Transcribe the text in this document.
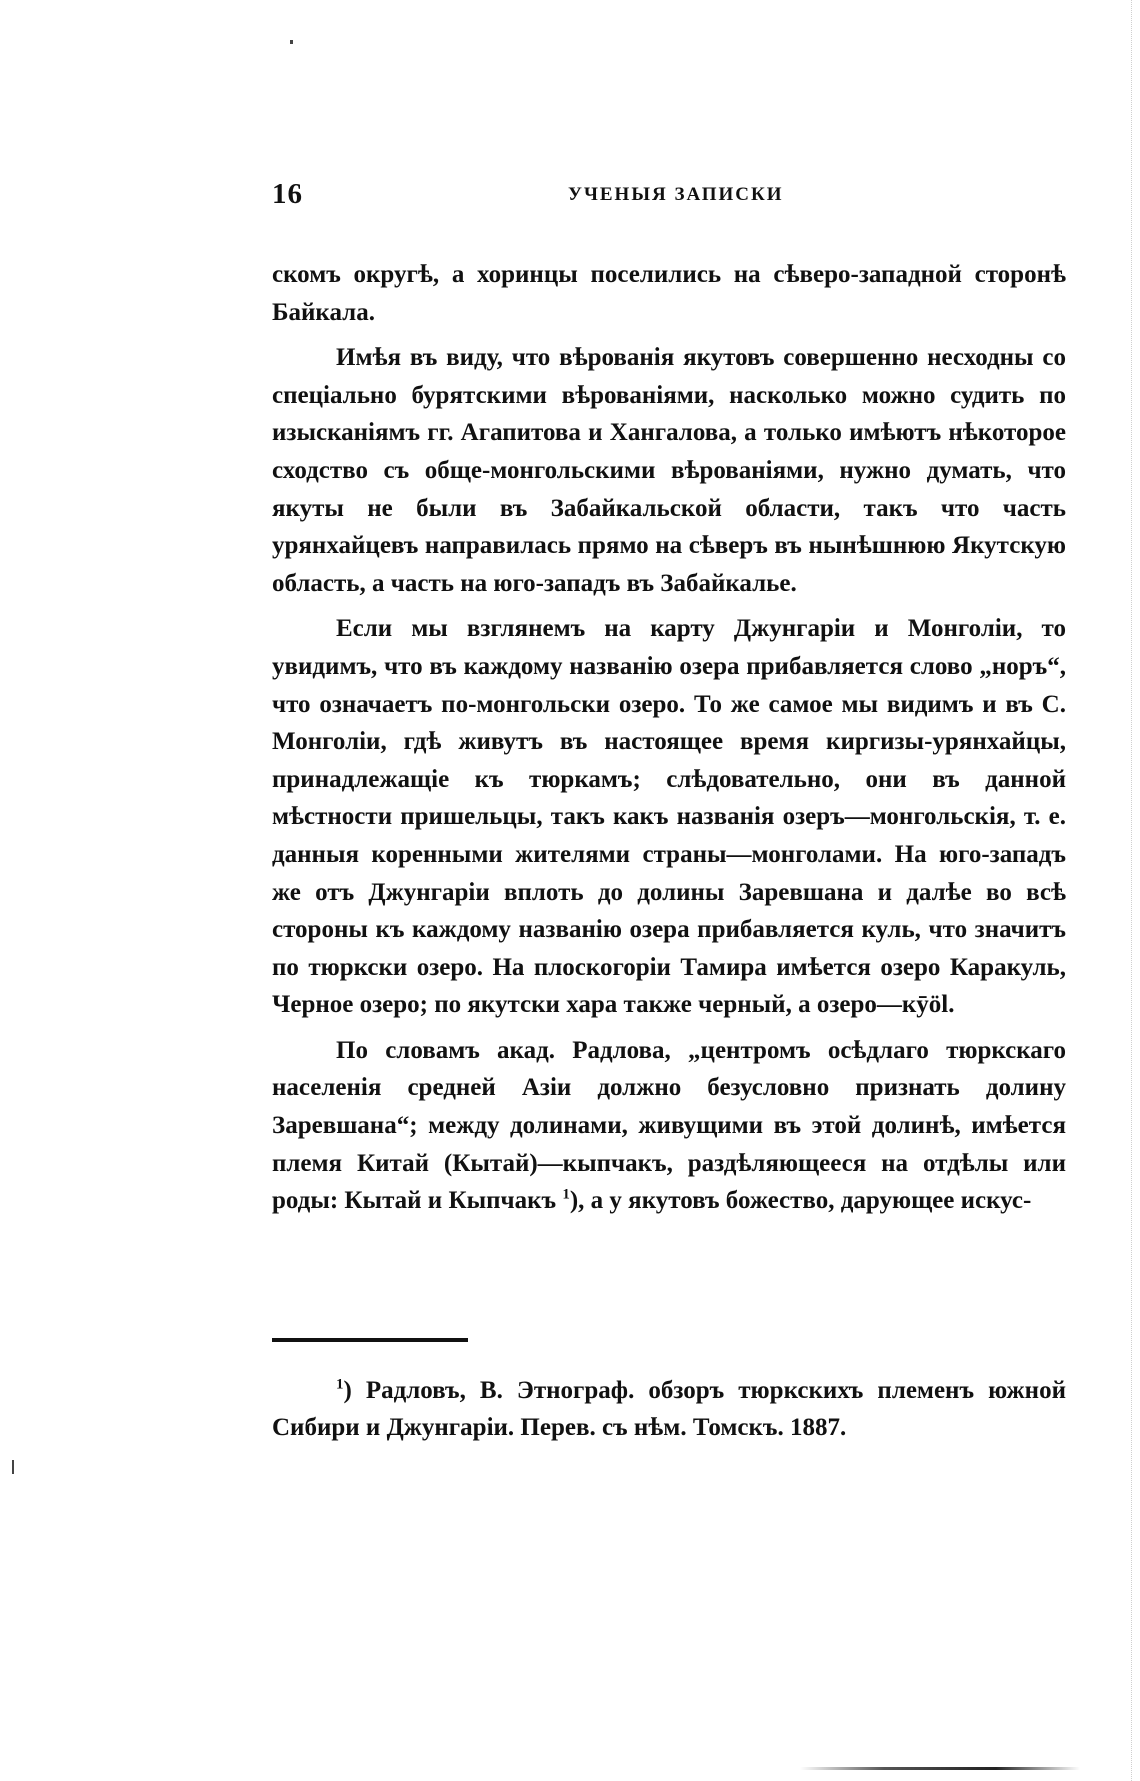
16	УЧЕНЫЯ ЗАПИСКИ

скомъ округѣ, а хоринцы поселились на сѣверо-западной сторонѣ Байкала.

Имѣя въ виду, что вѣрованія якутовъ совершенно несходны со спеціально бурятскими вѣрованіями, насколько можно судить по изысканіямъ гг. Агапитова и Хангалова, а только имѣютъ нѣкоторое сходство съ обще-монгольскими вѣрованіями, нужно думать, что якуты не были въ Забайкальской области, такъ что часть урянхайцевъ направилась прямо на сѣверъ въ нынѣшнюю Якутскую область, а часть на юго-западъ въ Забайкалье.

Если мы взглянемъ на карту Джунгаріи и Монголіи, то увидимъ, что въ каждому названію озера прибавляется слово „норъ“, что означаетъ по-монгольски озеро. То же самое мы видимъ и въ С. Монголіи, гдѣ живутъ въ настоящее время киргизы-урянхайцы, принадлежащіе къ тюркамъ; слѣдовательно, они въ данной мѣстности пришельцы, такъ какъ названія озеръ—монгольскія, т. е. данныя коренными жителями страны—монголами. На юго-западъ же отъ Джунгаріи вплоть до долины Заревшана и далѣе во всѣ стороны къ каждому названію озера прибавляется куль, что значитъ по тюркски озеро. На плоскогоріи Тамира имѣется озеро Каракуль, Черное озеро; по якутски хара также черный, а озеро—кӯӧl.

По словамъ акад. Радлова, „центромъ осѣдлаго тюркскаго населенія средней Азіи должно безусловно признать долину Заревшана“; между долинами, живущими въ этой долинѣ, имѣется племя Китай (Кытай)—кыпчакъ, раздѣляющееся на отдѣлы или роды: Кытай и Кыпчакъ $^1$), а у якутовъ божество, дарующее искус-

$^1$) Радловъ, В. Этнограф. обзоръ тюркскихъ племенъ южной Сибири и Джунгаріи. Перев. съ нѣм. Томскъ. 1887.
